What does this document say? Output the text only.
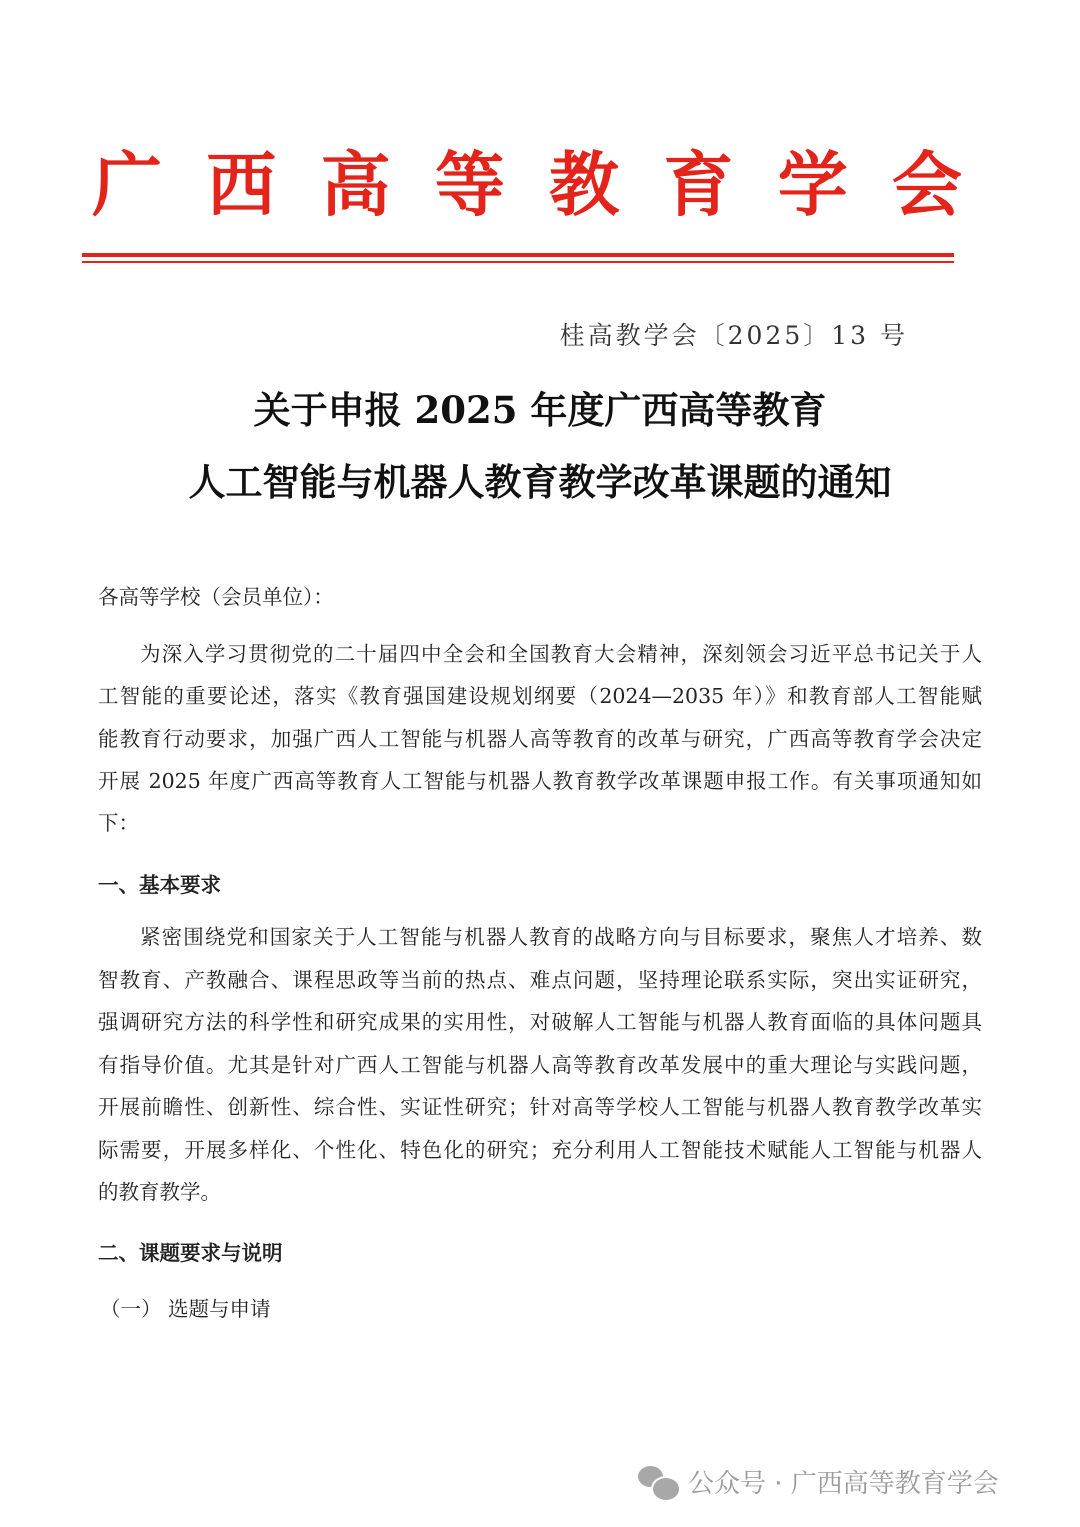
广 西 高 等 教 育 学 会
桂高教学会〔2025〕13 号
关于申报 2025 年度广西高等教育
人工智能与机器人教育教学改革课题的通知
各高等学校（会员单位）：
为深入学习贯彻党的二十届四中全会和全国教育大会精神，深刻领会习近平总书记关于人
工智能的重要论述，落实《教育强国建设规划纲要（2024—2035 年）》和教育部人工智能赋
能教育行动要求，加强广西人工智能与机器人高等教育的改革与研究，广西高等教育学会决定
开展 2025 年度广西高等教育人工智能与机器人教育教学改革课题申报工作。有关事项通知如
下：
一、基本要求
紧密围绕党和国家关于人工智能与机器人教育的战略方向与目标要求，聚焦人才培养、数
智教育、产教融合、课程思政等当前的热点、难点问题，坚持理论联系实际，突出实证研究，
强调研究方法的科学性和研究成果的实用性，对破解人工智能与机器人教育面临的具体问题具
有指导价值。尤其是针对广西人工智能与机器人高等教育改革发展中的重大理论与实践问题，
开展前瞻性、创新性、综合性、实证性研究；针对高等学校人工智能与机器人教育教学改革实
际需要，开展多样化、个性化、特色化的研究；充分利用人工智能技术赋能人工智能与机器人
的教育教学。
二、课题要求与说明
（一） 选题与申请
公众号 · 广西高等教育学会
